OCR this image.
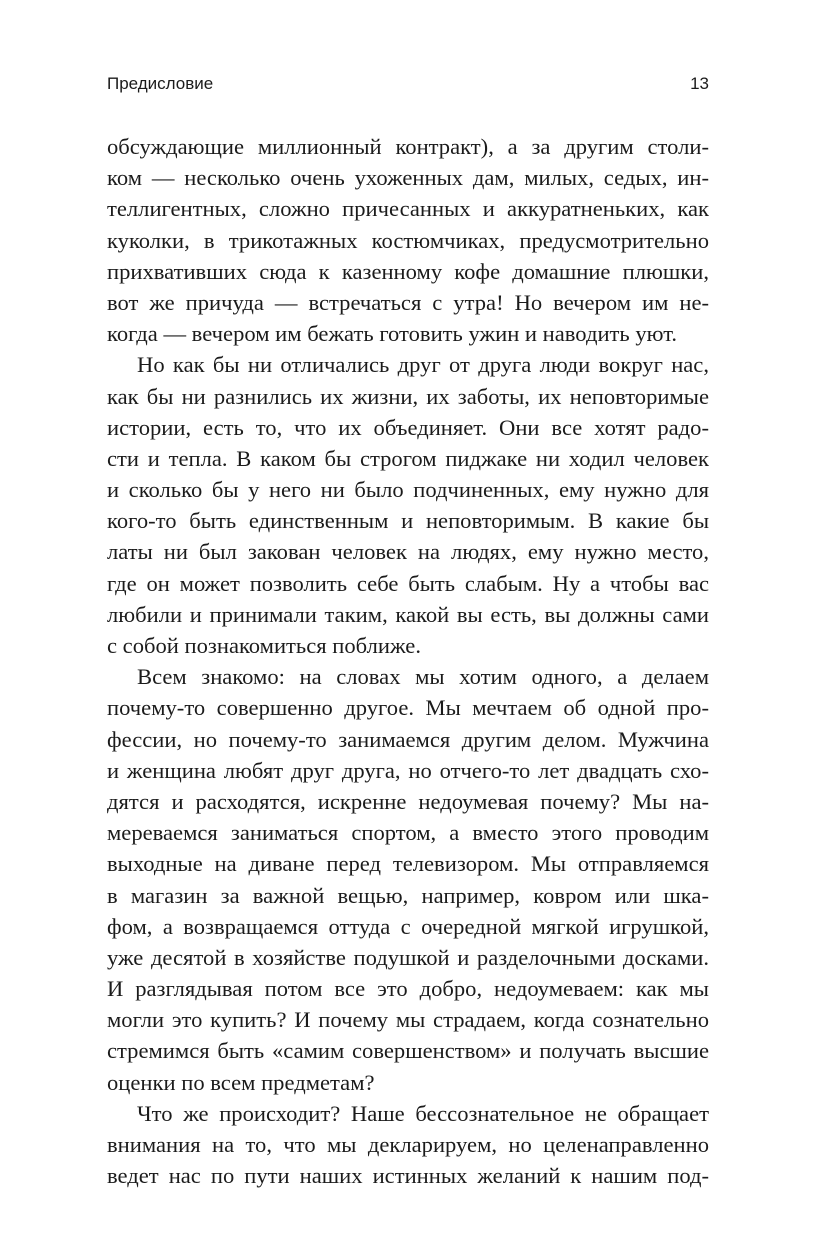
Предисловие	13
обсуждающие миллионный контракт), а за другим столи-
ком — несколько очень ухоженных дам, милых, седых, ин-
теллигентных, сложно причесанных и аккуратненьких, как
куколки, в трикотажных костюмчиках, предусмотрительно
прихвативших сюда к казенному кофе домашние плюшки,
вот же причуда — встречаться с утра! Но вечером им не-
когда — вечером им бежать готовить ужин и наводить уют.
Но как бы ни отличались друг от друга люди вокруг нас,
как бы ни разнились их жизни, их заботы, их неповторимые
истории, есть то, что их объединяет. Они все хотят радо-
сти и тепла. В каком бы строгом пиджаке ни ходил человек
и сколько бы у него ни было подчиненных, ему нужно для
кого-то быть единственным и неповторимым. В какие бы
латы ни был закован человек на людях, ему нужно место,
где он может позволить себе быть слабым. Ну а чтобы вас
любили и принимали таким, какой вы есть, вы должны сами
с собой познакомиться поближе.
Всем знакомо: на словах мы хотим одного, а делаем
почему-то совершенно другое. Мы мечтаем об одной про-
фессии, но почему-то занимаемся другим делом. Мужчина
и женщина любят друг друга, но отчего-то лет двадцать схо-
дятся и расходятся, искренне недоумевая почему? Мы на-
мереваемся заниматься спортом, а вместо этого проводим
выходные на диване перед телевизором. Мы отправляемся
в магазин за важной вещью, например, ковром или шка-
фом, а возвращаемся оттуда с очередной мягкой игрушкой,
уже десятой в хозяйстве подушкой и разделочными досками.
И разглядывая потом все это добро, недоумеваем: как мы
могли это купить? И почему мы страдаем, когда сознательно
стремимся быть «самим совершенством» и получать высшие
оценки по всем предметам?
Что же происходит? Наше бессознательное не обращает
внимания на то, что мы декларируем, но целенаправленно
ведет нас по пути наших истинных желаний к нашим под-
